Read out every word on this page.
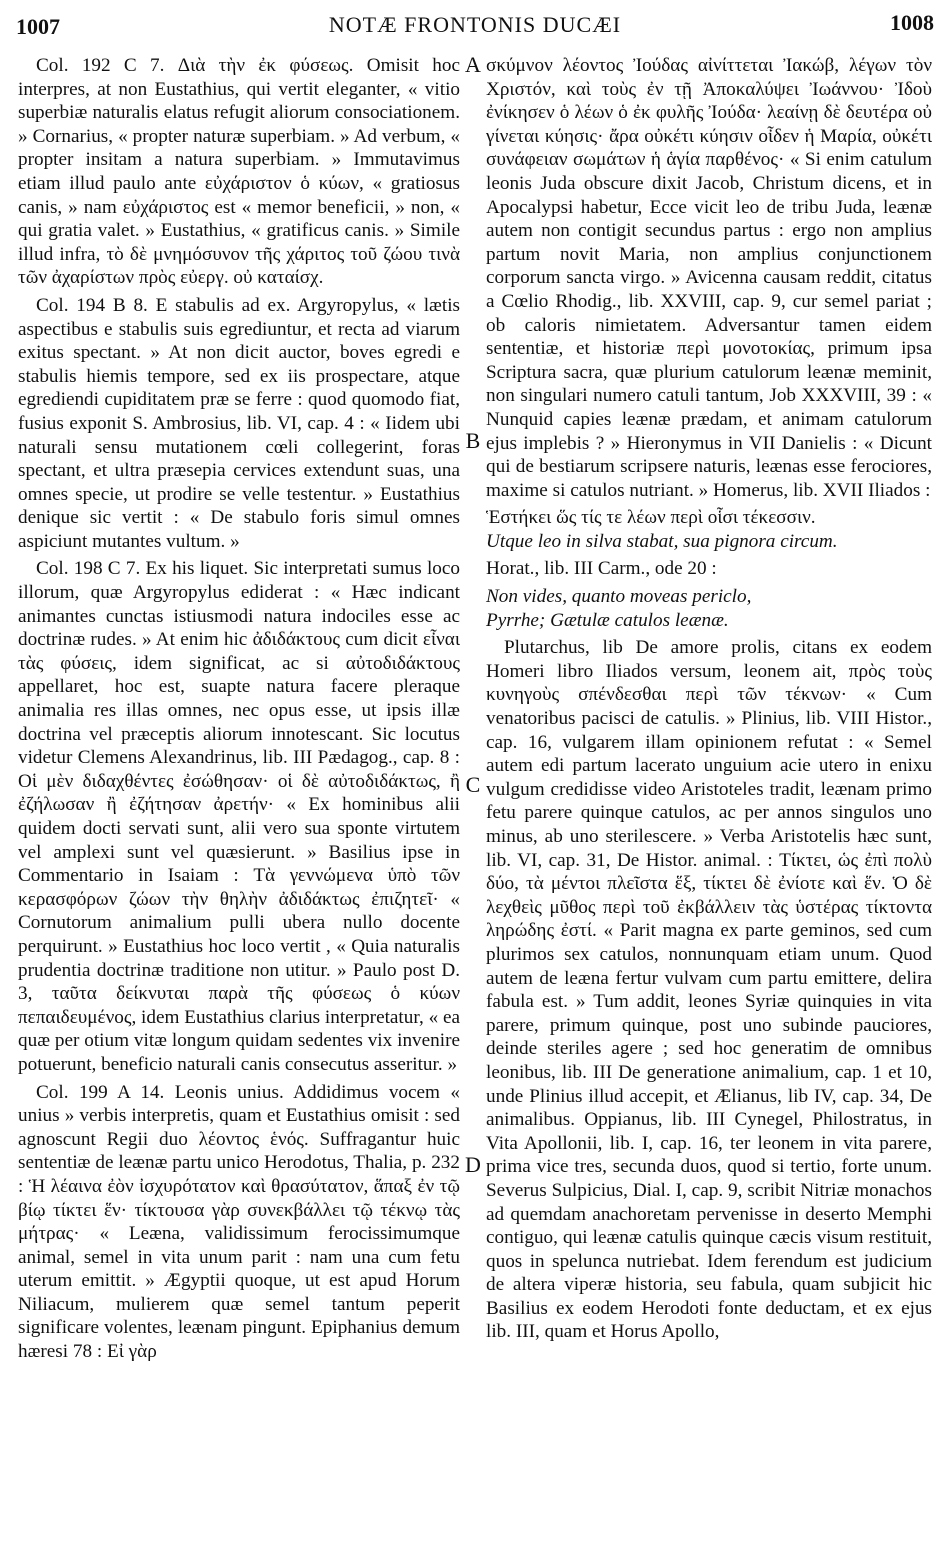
1007	NOTÆ FRONTONIS DUCÆI	1008
A
B
C
D

Col. 192 C 7. Διὰ τὴν ἐκ φύσεως. Omisit hoc interpres, at non Eustathius, qui vertit eleganter, « vitio superbiæ naturalis elatus refugit aliorum consociationem. » Cornarius, « propter naturæ superbiam. » Ad verbum, « propter insitam a natura superbiam. » Immutavimus etiam illud paulo ante εὐχάριστον ὁ κύων, « gratiosus canis, » nam εὐχάριστος est « memor beneficii, » non, « qui gratia valet. » Eustathius, « gratificus canis. » Simile illud infra, τὸ δὲ μνημόσυνον τῆς χάριτος τοῦ ζώου τινὰ τῶν ἀχαρίστων πρὸς εὐεργ. οὐ καταίσχ.

Col. 194 B 8. E stabulis ad ex. Argyropylus, « lætis aspectibus e stabulis suis egrediuntur, et recta ad viarum exitus spectant. » At non dicit auctor, boves egredi e stabulis hiemis tempore, sed ex iis prospectare, atque egrediendi cupiditatem præ se ferre : quod quomodo fiat, fusius exponit S. Ambrosius, lib. VI, cap. 4 : « Iidem ubi naturali sensu mutationem cœli collegerint, foras spectant, et ultra præsepia cervices extendunt suas, una omnes specie, ut prodire se velle testentur. » Eustathius denique sic vertit : « De stabulo foris simul omnes aspiciunt mutantes vultum. »

Col. 198 C 7. Ex his liquet. Sic interpretati sumus loco illorum, quæ Argyropylus ediderat : « Hæc indicant animantes cunctas istiusmodi natura indociles esse ac doctrinæ rudes. » At enim hic ἀδιδάκτους cum dicit εἶναι τὰς φύσεις, idem significat, ac si αὐτοδιδάκτους appellaret, hoc est, suapte natura facere pleraque animalia res illas omnes, nec opus esse, ut ipsis illæ doctrina vel præceptis aliorum innotescant. Sic locutus videtur Clemens Alexandrinus, lib. III Pædagog., cap. 8 : Οἱ μὲν διδαχθέντες ἐσώθησαν· οἱ δὲ αὐτοδιδάκτως, ἢ ἐζήλωσαν ἢ ἐζήτησαν ἀρετήν· « Ex hominibus alii quidem docti servati sunt, alii vero sua sponte virtutem vel amplexi sunt vel quæsierunt. » Basilius ipse in Commentario in Isaiam : Τὰ γεννώμενα ὑπὸ τῶν κερασφόρων ζώων τὴν θηλὴν ἀδιδάκτως ἐπιζητεῖ· « Cornutorum animalium pulli ubera nullo docente perquirunt. » Eustathius hoc loco vertit , « Quia naturalis prudentia doctrinæ traditione non utitur. » Paulo post D. 3, ταῦτα δείκνυται παρὰ τῆς φύσεως ὁ κύων πεπαιδευμένος, idem Eustathius clarius interpretatur, « ea quæ per otium vitæ longum quidam sedentes vix invenire potuerunt, beneficio naturali canis consecutus asseritur. »

Col. 199 A 14. Leonis unius. Addidimus vocem « unius » verbis interpretis, quam et Eustathius omisit : sed agnoscunt Regii duo λέοντος ἑνός. Suffragantur huic sententiæ de leænæ partu unico Herodotus, Thalia, p. 232 : Ἡ λέαινα ἐὸν ἰσχυρότατον καὶ θρασύτατον, ἅπαξ ἐν τῷ βίῳ τίκτει ἕν· τίκτουσα γὰρ συνεκβάλλει τῷ τέκνῳ τὰς μήτρας· « Leæna, validissimum ferocissimumque animal, semel in vita unum parit : nam una cum fetu uterum emittit. » Ægyptii quoque, ut est apud Horum Niliacum, mulierem quæ semel tantum peperit significare volentes, leænam pingunt. Epiphanius demum hæresi 78 : Εἰ γὰρ

σκύμνον λέοντος Ἰούδας αἰνίττεται Ἰακώβ, λέγων τὸν Χριστόν, καὶ τοὺς ἐν τῇ Ἀποκαλύψει Ἰωάννου· Ἰδοὺ ἐνίκησεν ὁ λέων ὁ ἐκ φυλῆς Ἰούδα· λεαίνῃ δὲ δευτέρα οὐ γίνεται κύησις· ἄρα οὐκέτι κύησιν οἶδεν ἡ Μαρία, οὐκέτι συνάφειαν σωμάτων ἡ ἁγία παρθένος· « Si enim catulum leonis Juda obscure dixit Jacob, Christum dicens, et in Apocalypsi habetur, Ecce vicit leo de tribu Juda, leænæ autem non contigit secundus partus : ergo non amplius partum novit Maria, non amplius conjunctionem corporum sancta virgo. » Avicenna causam reddit, citatus a Cœlio Rhodig., lib. XXVIII, cap. 9, cur semel pariat ; ob caloris nimietatem. Adversantur tamen eidem sententiæ, et historiæ περὶ μονοτοκίας, primum ipsa Scriptura sacra, quæ plurium catulorum leænæ meminit, non singulari numero catuli tantum, Job XXXVIII, 39 : « Nunquid capies leænæ prædam, et animam catulorum ejus implebis ? » Hieronymus in VII Danielis : « Dicunt qui de bestiarum scripsere naturis, leænas esse ferociores, maxime si catulos nutriant. » Homerus, lib. XVII Iliados :

Ἑστήκει ὥς τίς τε λέων περὶ οἷσι τέκεσσιν.
Utque leo in silva stabat, sua pignora circum.

Horat., lib. III Carm., ode 20 :

Non vides, quanto moveas periclo,
Pyrrhe; Gætulæ catulos leænæ.

Plutarchus, lib De amore prolis, citans ex eodem Homeri libro Iliados versum, leonem ait, πρὸς τοὺς κυνηγοὺς σπένδεσθαι περὶ τῶν τέκνων· « Cum venatoribus pacisci de catulis. » Plinius, lib. VIII Histor., cap. 16, vulgarem illam opinionem refutat : « Semel autem edi partum lacerato unguium acie utero in enixu vulgum credidisse video Aristoteles tradit, leænam primo fetu parere quinque catulos, ac per annos singulos uno minus, ab uno sterilescere. » Verba Aristotelis hæc sunt, lib. VI, cap. 31, De Histor. animal. : Τίκτει, ὡς ἐπὶ πολὺ δύο, τὰ μέντοι πλεῖστα ἕξ, τίκτει δὲ ἐνίοτε καὶ ἕν. Ὁ δὲ λεχθεὶς μῦθος περὶ τοῦ ἐκβάλλειν τὰς ὑστέρας τίκτοντα ληρώδης ἐστί. « Parit magna ex parte geminos, sed cum plurimos sex catulos, nonnunquam etiam unum. Quod autem de leæna fertur vulvam cum partu emittere, delira fabula est. » Tum addit, leones Syriæ quinquies in vita parere, primum quinque, post uno subinde pauciores, deinde steriles agere ; sed hoc generatim de omnibus leonibus, lib. III De generatione animalium, cap. 1 et 10, unde Plinius illud accepit, et Ælianus, lib IV, cap. 34, De animalibus. Oppianus, lib. III Cynegel, Philostratus, in Vita Apollonii, lib. I, cap. 16, ter leonem in vita parere, prima vice tres, secunda duos, quod si tertio, forte unum. Severus Sulpicius, Dial. I, cap. 9, scribit Nitriæ monachos ad quemdam anachoretam pervenisse in deserto Memphi contiguo, qui leænæ catulis quinque cæcis visum restituit, quos in spelunca nutriebat. Idem ferendum est judicium de altera viperæ historia, seu fabula, quam subjicit hic Basilius ex eodem Herodoti fonte deductam, et ex ejus lib. III, quam et Horus Apollo,
